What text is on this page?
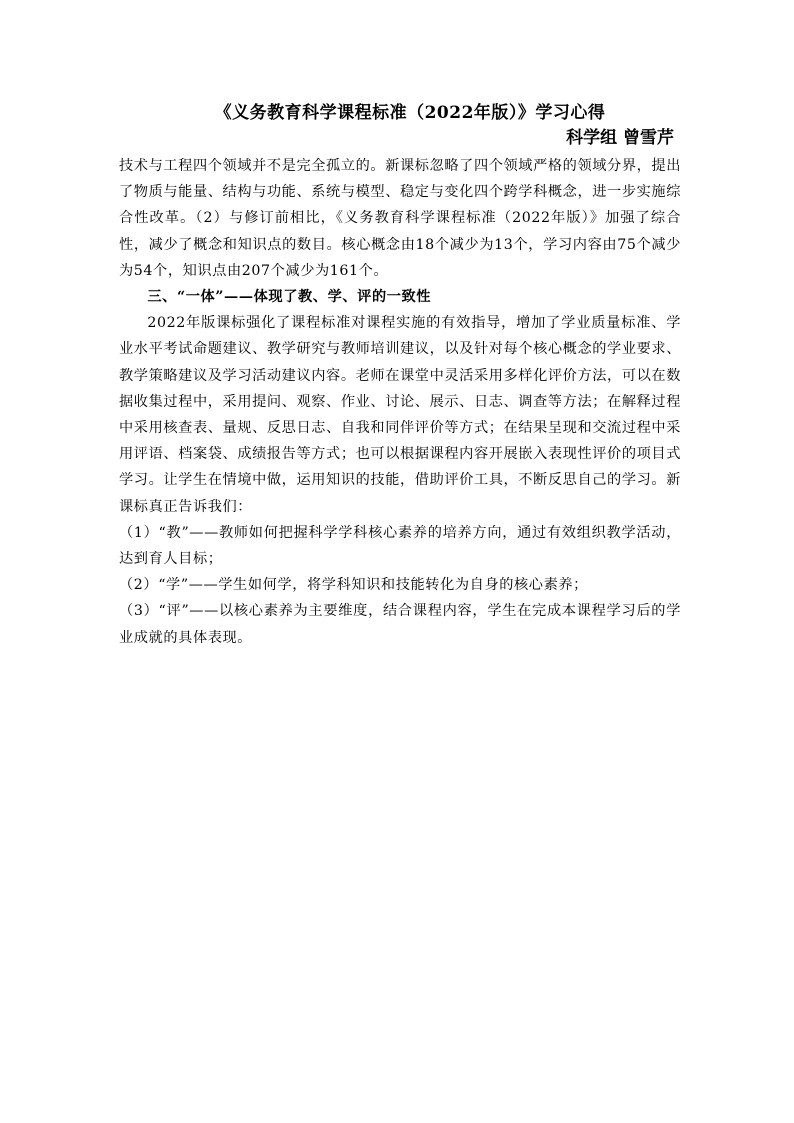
《义务教育科学课程标准（2022年版）》学习心得
科学组 曾雪芹

技术与工程四个领域并不是完全孤立的。新课标忽略了四个领域严格的领域分界，提出了物质与能量、结构与功能、系统与模型、稳定与变化四个跨学科概念，进一步实施综合性改革。（2）与修订前相比，《义务教育科学课程标准（2022年版）》加强了综合性，减少了概念和知识点的数目。核心概念由18个减少为13个，学习内容由75个减少为54个，知识点由207个减少为161个。

三、“一体”——体现了教、学、评的一致性

2022年版课标强化了课程标准对课程实施的有效指导，增加了学业质量标准、学业水平考试命题建议、教学研究与教师培训建议，以及针对每个核心概念的学业要求、教学策略建议及学习活动建议内容。老师在课堂中灵活采用多样化评价方法，可以在数据收集过程中，采用提问、观察、作业、讨论、展示、日志、调查等方法；在解释过程中采用核查表、量规、反思日志、自我和同伴评价等方式；在结果呈现和交流过程中采用评语、档案袋、成绩报告等方式；也可以根据课程内容开展嵌入表现性评价的项目式学习。让学生在情境中做，运用知识的技能，借助评价工具，不断反思自己的学习。新课标真正告诉我们：

（1）“教”——教师如何把握科学学科核心素养的培养方向，通过有效组织教学活动，达到育人目标；

（2）“学”——学生如何学，将学科知识和技能转化为自身的核心素养；

（3）“评”——以核心素养为主要维度，结合课程内容，学生在完成本课程学习后的学业成就的具体表现。
